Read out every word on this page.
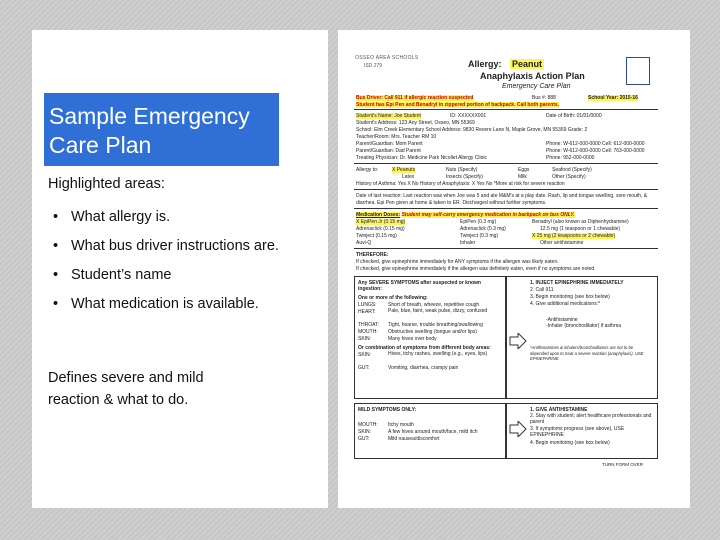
Sample Emergency Care Plan
Highlighted areas:
• What allergy is.
• What bus driver instructions are.
• Student’s name
• What medication is available.
Defines severe and mild reaction & what to do.
OSSEO AREA SCHOOLS
ISD 279	Allergy: Peanut
Anaphylaxis Action Plan
Emergency Care Plan
Bus Driver: Call 911 if allergic reaction suspected	Bus #: 888	School Year: 2015-16
Student has Epi Pen and Benadryl in zippered portion of backpack. Call both parents.
Student's Name: Joe Student	ID: XXXXXX001	Date of Birth: 01/01/0000
Student's Address: 123 Any Street, Osseo, MN 55369
School: Elm Creek Elementary School Address: 9830 Revere Lane N, Maple Grove, MN 55369 Grade: 2
Teacher/Room: Mrs. Teacher RM 10
Parent/Guardian: Mom Parent	Phone: W-612-000-0000 Cell: 612-000-0000
Parent/Guardian: Dad Parent	Phone: W-612-000-0000 Cell: 763-000-0000
Treating Physician: Dr. Medicine Park Nicollet Allergy Clinic	Phone: 952-000-0000
Allergy to:	X Peanuts	Nuts (Specify)	Eggs	Seafood (Specify)
Latex	Insects (Specify)	Milk	Other (Specify)
History of Asthma: Yes X No History of Anaphylaxis: X Yes No *More at risk for severe reaction
Date of last reaction: Last reaction was when Joe was 5 and ate M&M's at a play date. Rash, lip and tongue swelling, sore mouth, & diarrhea. Epi Pen given at home & taken to ER. Discharged without further symptoms.
Medication Doses: Student may self-carry emergency medication in backpack on bus ONLY.
X EpiPen Jr (0.15 mg)	EpiPen (0.3 mg)	Benadryl (also known as Diphenhydramine)
Adrenaclick (0.15 mg)	Adrenaclick (0.3 mg)	12.5 mg (1 teaspoon or 1 chewable)
Twinject (0.15 mg)	Twinject (0.3 mg)	X 25 mg (2 teaspoons or 2 chewable)
Auvi-Q	Inhaler	Other antihistamine
THEREFORE:
If checked, give epinephrine immediately for ANY symptoms if the allergen was likely eaten.
If checked, give epinephrine immediately if the allergen was definitely eaten, even if no symptoms are noted.
Any SEVERE SYMPTOMS after suspected or known ingestion:
One or more of the following:
LUNGS: Short of breath, wheeze, repetitive cough
HEART: Pale, blue, faint, weak pulse, dizzy, confused
THROAT: Tight, hoarse, trouble breathing/swallowing
MOUTH: Obstructive swelling (tongue and/or lips)
SKIN:	Many hives over body
Or combination of symptoms from different body areas:
SKIN:	Hives, itchy rashes, swelling (e.g., eyes, lips)
GUT:	Vomiting, diarrhea, crampy pain
1. INJECT EPINEPHRINE IMMEDIATELY
2. Call 911
3. Begin monitoring (see box below)
4. Give additional medications:*
-Antihistamine
-Inhaler (bronchodilator) if asthma
*Antihistamines & inhalers/bronchodilators are not to be depended upon to treat a severe reaction (anaphylaxis). USE EPINEPHRINE.
MILD SYMPTOMS ONLY:
MOUTH: Itchy mouth
SKIN:	A few hives around mouth/face, mild itch
GUT:	Mild nausea/discomfort
1. GIVE ANTIHISTAMINE
2. Stay with student; alert healthcare professionals and parent
3. If symptoms progress (see above), USE EPINEPHRINE
4. Begin monitoring (see box below)
TURN FORM OVER
